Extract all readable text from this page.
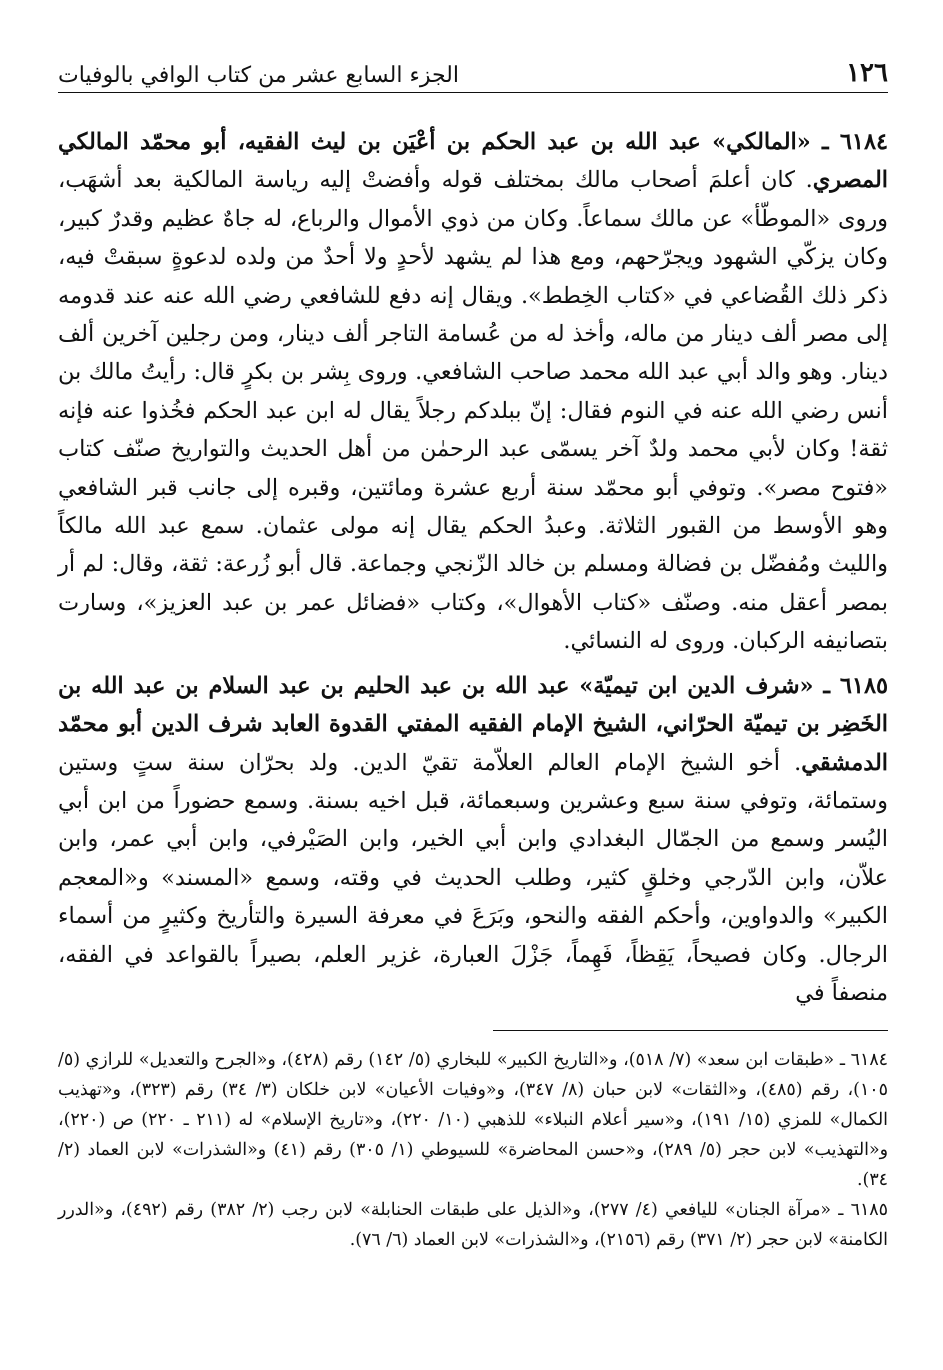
١٢٦
الجزء السابع عشر من كتاب الوافي بالوفيات

٦١٨٤ ـ «المالكي» عبد الله بن عبد الحكم بن أعْيَن بن ليث الفقيه، أبو محمّد المالكي المصري. كان أعلمَ أصحاب مالك بمختلف قوله وأفضتْ إليه رياسة المالكية بعد أشهَب، وروى «الموطّأ» عن مالك سماعاً. وكان من ذوي الأموال والرباع، له جاهٌ عظيم وقدرٌ كبير، وكان يزكّي الشهود ويجرّحهم، ومع هذا لم يشهد لأحدٍ ولا أحدٌ من ولده لدعوةٍ سبقتْ فيه، ذكر ذلك القُضاعي في «كتاب الخِطط». ويقال إنه دفع للشافعي رضي الله عنه عند قدومه إلى مصر ألف دينار من ماله، وأخذ له من عُسامة التاجر ألف دينار، ومن رجلين آخرين ألف دينار. وهو والد أبي عبد الله محمد صاحب الشافعي. وروى بِشر بن بكرٍ قال: رأيتُ مالك بن أنس رضي الله عنه في النوم فقال: إنّ ببلدكم رجلاً يقال له ابن عبد الحكم فخُذوا عنه فإنه ثقة! وكان لأبي محمد ولدٌ آخر يسمّى عبد الرحمٰن من أهل الحديث والتواريخ صنّف كتاب «فتوح مصر». وتوفي أبو محمّد سنة أربع عشرة ومائتين، وقبره إلى جانب قبر الشافعي وهو الأوسط من القبور الثلاثة. وعبدُ الحكم يقال إنه مولى عثمان. سمع عبد الله مالكاً والليث ومُفضّل بن فضالة ومسلم بن خالد الزّنجي وجماعة. قال أبو زُرعة: ثقة، وقال: لم أر بمصر أعقل منه. وصنّف «كتاب الأهوال»، وكتاب «فضائل عمر بن عبد العزيز»، وسارت بتصانيفه الركبان. وروى له النسائي.

٦١٨٥ ـ «شرف الدين ابن تيميّة» عبد الله بن عبد الحليم بن عبد السلام بن عبد الله بن الخَضِر بن تيميّة الحرّاني، الشيخ الإمام الفقيه المفتي القدوة العابد شرف الدين أبو محمّد الدمشقي. أخو الشيخ الإمام العالم العلاّمة تقيّ الدين. ولد بحرّان سنة ستٍ وستين وستمائة، وتوفي سنة سبع وعشرين وسبعمائة، قبل اخيه بسنة. وسمع حضوراً من ابن أبي اليُسر وسمع من الجمّال البغدادي وابن أبي الخير، وابن الصَيْرفي، وابن أبي عمر، وابن علاّن، وابن الدّرجي وخلقٍ كثير، وطلب الحديث في وقته، وسمع «المسند» و«المعجم الكبير» والدواوين، وأحكم الفقه والنحو، وبَرَعَ في معرفة السيرة والتأريخ وكثيرٍ من أسماء الرجال. وكان فصيحاً، يَقِظاً، فَهِماً، جَزْلَ العبارة، غزير العلم، بصيراً بالقواعد في الفقه، منصفاً في

٦١٨٤ ـ «طبقات ابن سعد» (٧/ ٥١٨)، و«التاريخ الكبير» للبخاري (٥/ ١٤٢) رقم (٤٢٨)، و«الجرح والتعديل» للرازي (٥/ ١٠٥)، رقم (٤٨٥)، و«الثقات» لابن حبان (٨/ ٣٤٧)، و«وفيات الأعيان» لابن خلكان (٣/ ٣٤) رقم (٣٢٣)، و«تهذيب الكمال» للمزي (١٥/ ١٩١)، و«سير أعلام النبلاء» للذهبي (١٠/ ٢٢٠)، و«تاريخ الإسلام» له (٢١١ ـ ٢٢٠) ص (٢٢٠)، و«التهذيب» لابن حجر (٥/ ٢٨٩)، و«حسن المحاضرة» للسيوطي (١/ ٣٠٥) رقم (٤١) و«الشذرات» لابن العماد (٢/ ٣٤).

٦١٨٥ ـ «مرآة الجنان» لليافعي (٤/ ٢٧٧)، و«الذيل على طبقات الحنابلة» لابن رجب (٢/ ٣٨٢) رقم (٤٩٢)، و«الدرر الكامنة» لابن حجر (٢/ ٣٧١) رقم (٢١٥٦)، و«الشذرات» لابن العماد (٦/ ٧٦).
